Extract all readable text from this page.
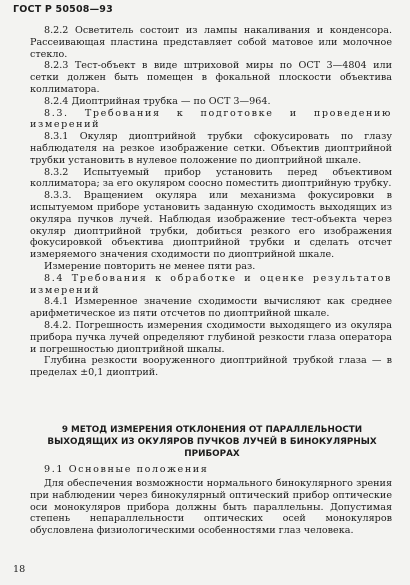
ГОСТ Р 50508—93

8.2.2 Осветитель состоит из лампы накаливания и конденсора. Рассеивающая пластина представляет собой матовое или молочное стекло.

8.2.3 Тест-объект в виде штриховой миры по ОСТ 3—4804 или сетки должен быть помещен в фокальной плоскости объектива коллиматора.

8.2.4 Диоптрийная трубка — по ОСТ 3—964.

8.3. Требования к подготовке и проведению измерений

8.3.1 Окуляр диоптрийной трубки сфокусировать по глазу наблюдателя на резкое изображение сетки. Объектив диоптрийной трубки установить в нулевое положение по диоптрийной шкале.

8.3.2 Испытуемый прибор установить перед объективом коллиматора; за его окуляром соосно поместить диоптрийную трубку.

8.3.3. Вращением окуляра или механизма фокусировки в испытуемом приборе установить заданную сходимость выходящих из окуляра пучков лучей. Наблюдая изображение тест-объекта через окуляр диоптрийной трубки, добиться резкого его изображения фокусировкой объектива диоптрийной трубки и сделать отсчет измеряемого значения сходимости по диоптрийной шкале.

Измерение повторить не менее пяти раз.

8.4 Требования к обработке и оценке результатов измерений

8.4.1 Измеренное значение сходимости вычисляют как среднее арифметическое из пяти отсчетов по диоптрийной шкале.

8.4.2. Погрешность измерения сходимости выходящего из окуляра прибора пучка лучей определяют глубиной резкости глаза оператора и погрешностью диоптрийной шкалы.

Глубина резкости вооруженного диоптрийной трубкой глаза — в пределах ±0,1 диоптрий.

9 МЕТОД ИЗМЕРЕНИЯ ОТКЛОНЕНИЯ ОТ ПАРАЛЛЕЛЬНОСТИ ВЫХОДЯЩИХ ИЗ ОКУЛЯРОВ ПУЧКОВ ЛУЧЕЙ В БИНОКУЛЯРНЫХ ПРИБОРАХ

9.1 Основные положения

Для обеспечения возможности нормального бинокулярного зрения при наблюдении через бинокулярный оптический прибор оптические оси монокуляров прибора должны быть параллельны. Допустимая степень непараллельности оптических осей монокуляров обусловлена физиологическими особенностями глаз человека.

18
